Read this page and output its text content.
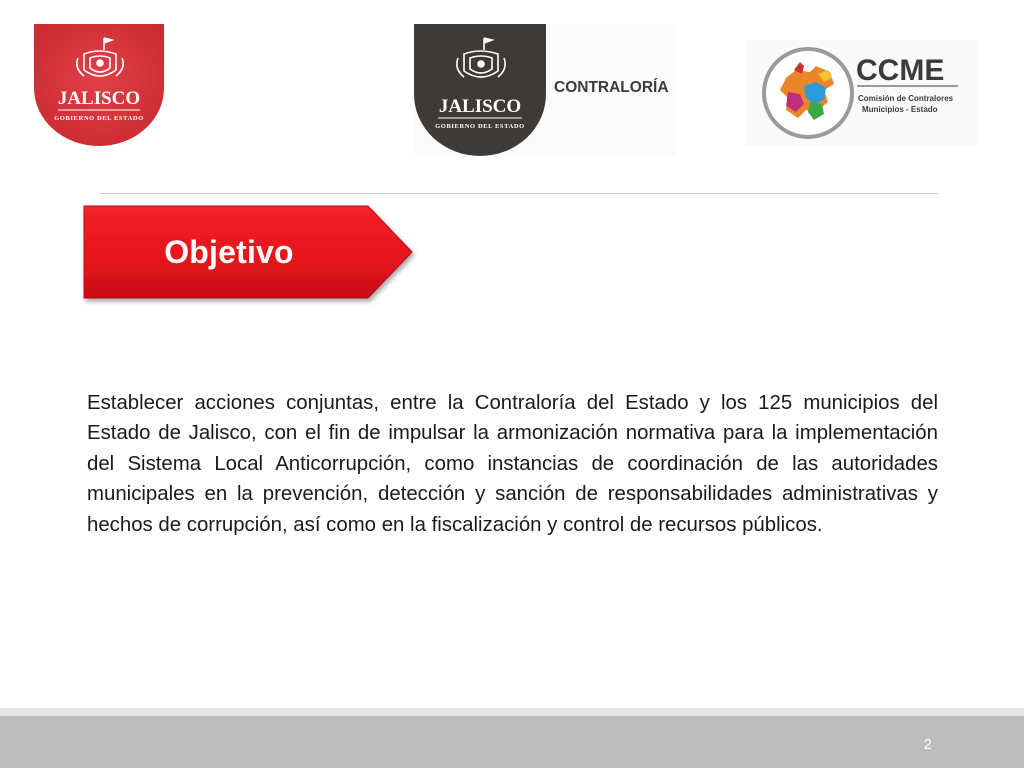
JALISCO
GOBIERNO DEL ESTADO
JALISCO
GOBIERNO DEL ESTADO
CONTRALORÍA
CCME
Comisión de Contralores
Municipios - Estado
Objetivo

Establecer acciones conjuntas, entre la Contraloría del Estado y los 125 municipios del Estado de Jalisco, con el fin de impulsar la armonización normativa para la implementación del Sistema Local Anticorrupción, como instancias de coordinación de las autoridades municipales en la prevención, detección y sanción de responsabilidades administrativas y hechos de corrupción, así como en la fiscalización y control de recursos públicos.

2
